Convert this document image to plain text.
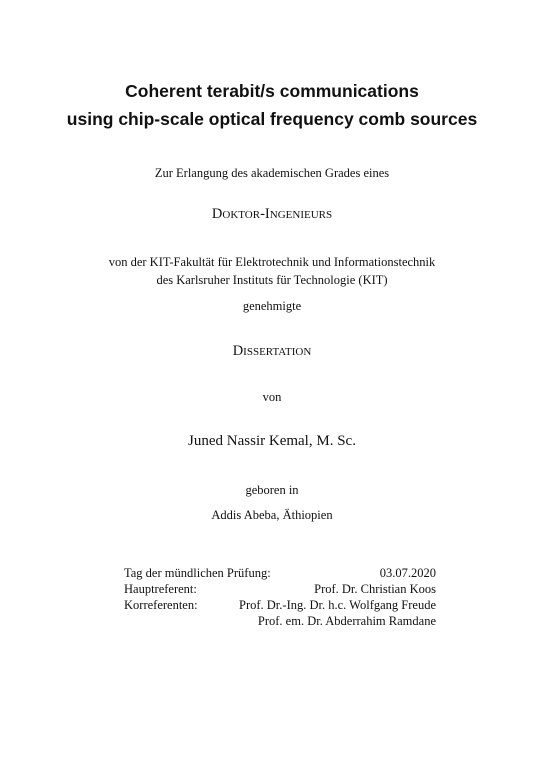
Coherent terabit/s communications
using chip-scale optical frequency comb sources
Zur Erlangung des akademischen Grades eines
DOKTOR-INGENIEURS
von der KIT-Fakultät für Elektrotechnik und Informationstechnik
des Karlsruher Instituts für Technologie (KIT)
genehmigte
DISSERTATION
von
Juned Nassir Kemal, M. Sc.
geboren in
Addis Abeba, Äthiopien
Tag der mündlichen Prüfung:	03.07.2020
Hauptreferent:	Prof. Dr. Christian Koos
Korreferenten:	Prof. Dr.-Ing. Dr. h.c. Wolfgang Freude
Prof. em. Dr. Abderrahim Ramdane
